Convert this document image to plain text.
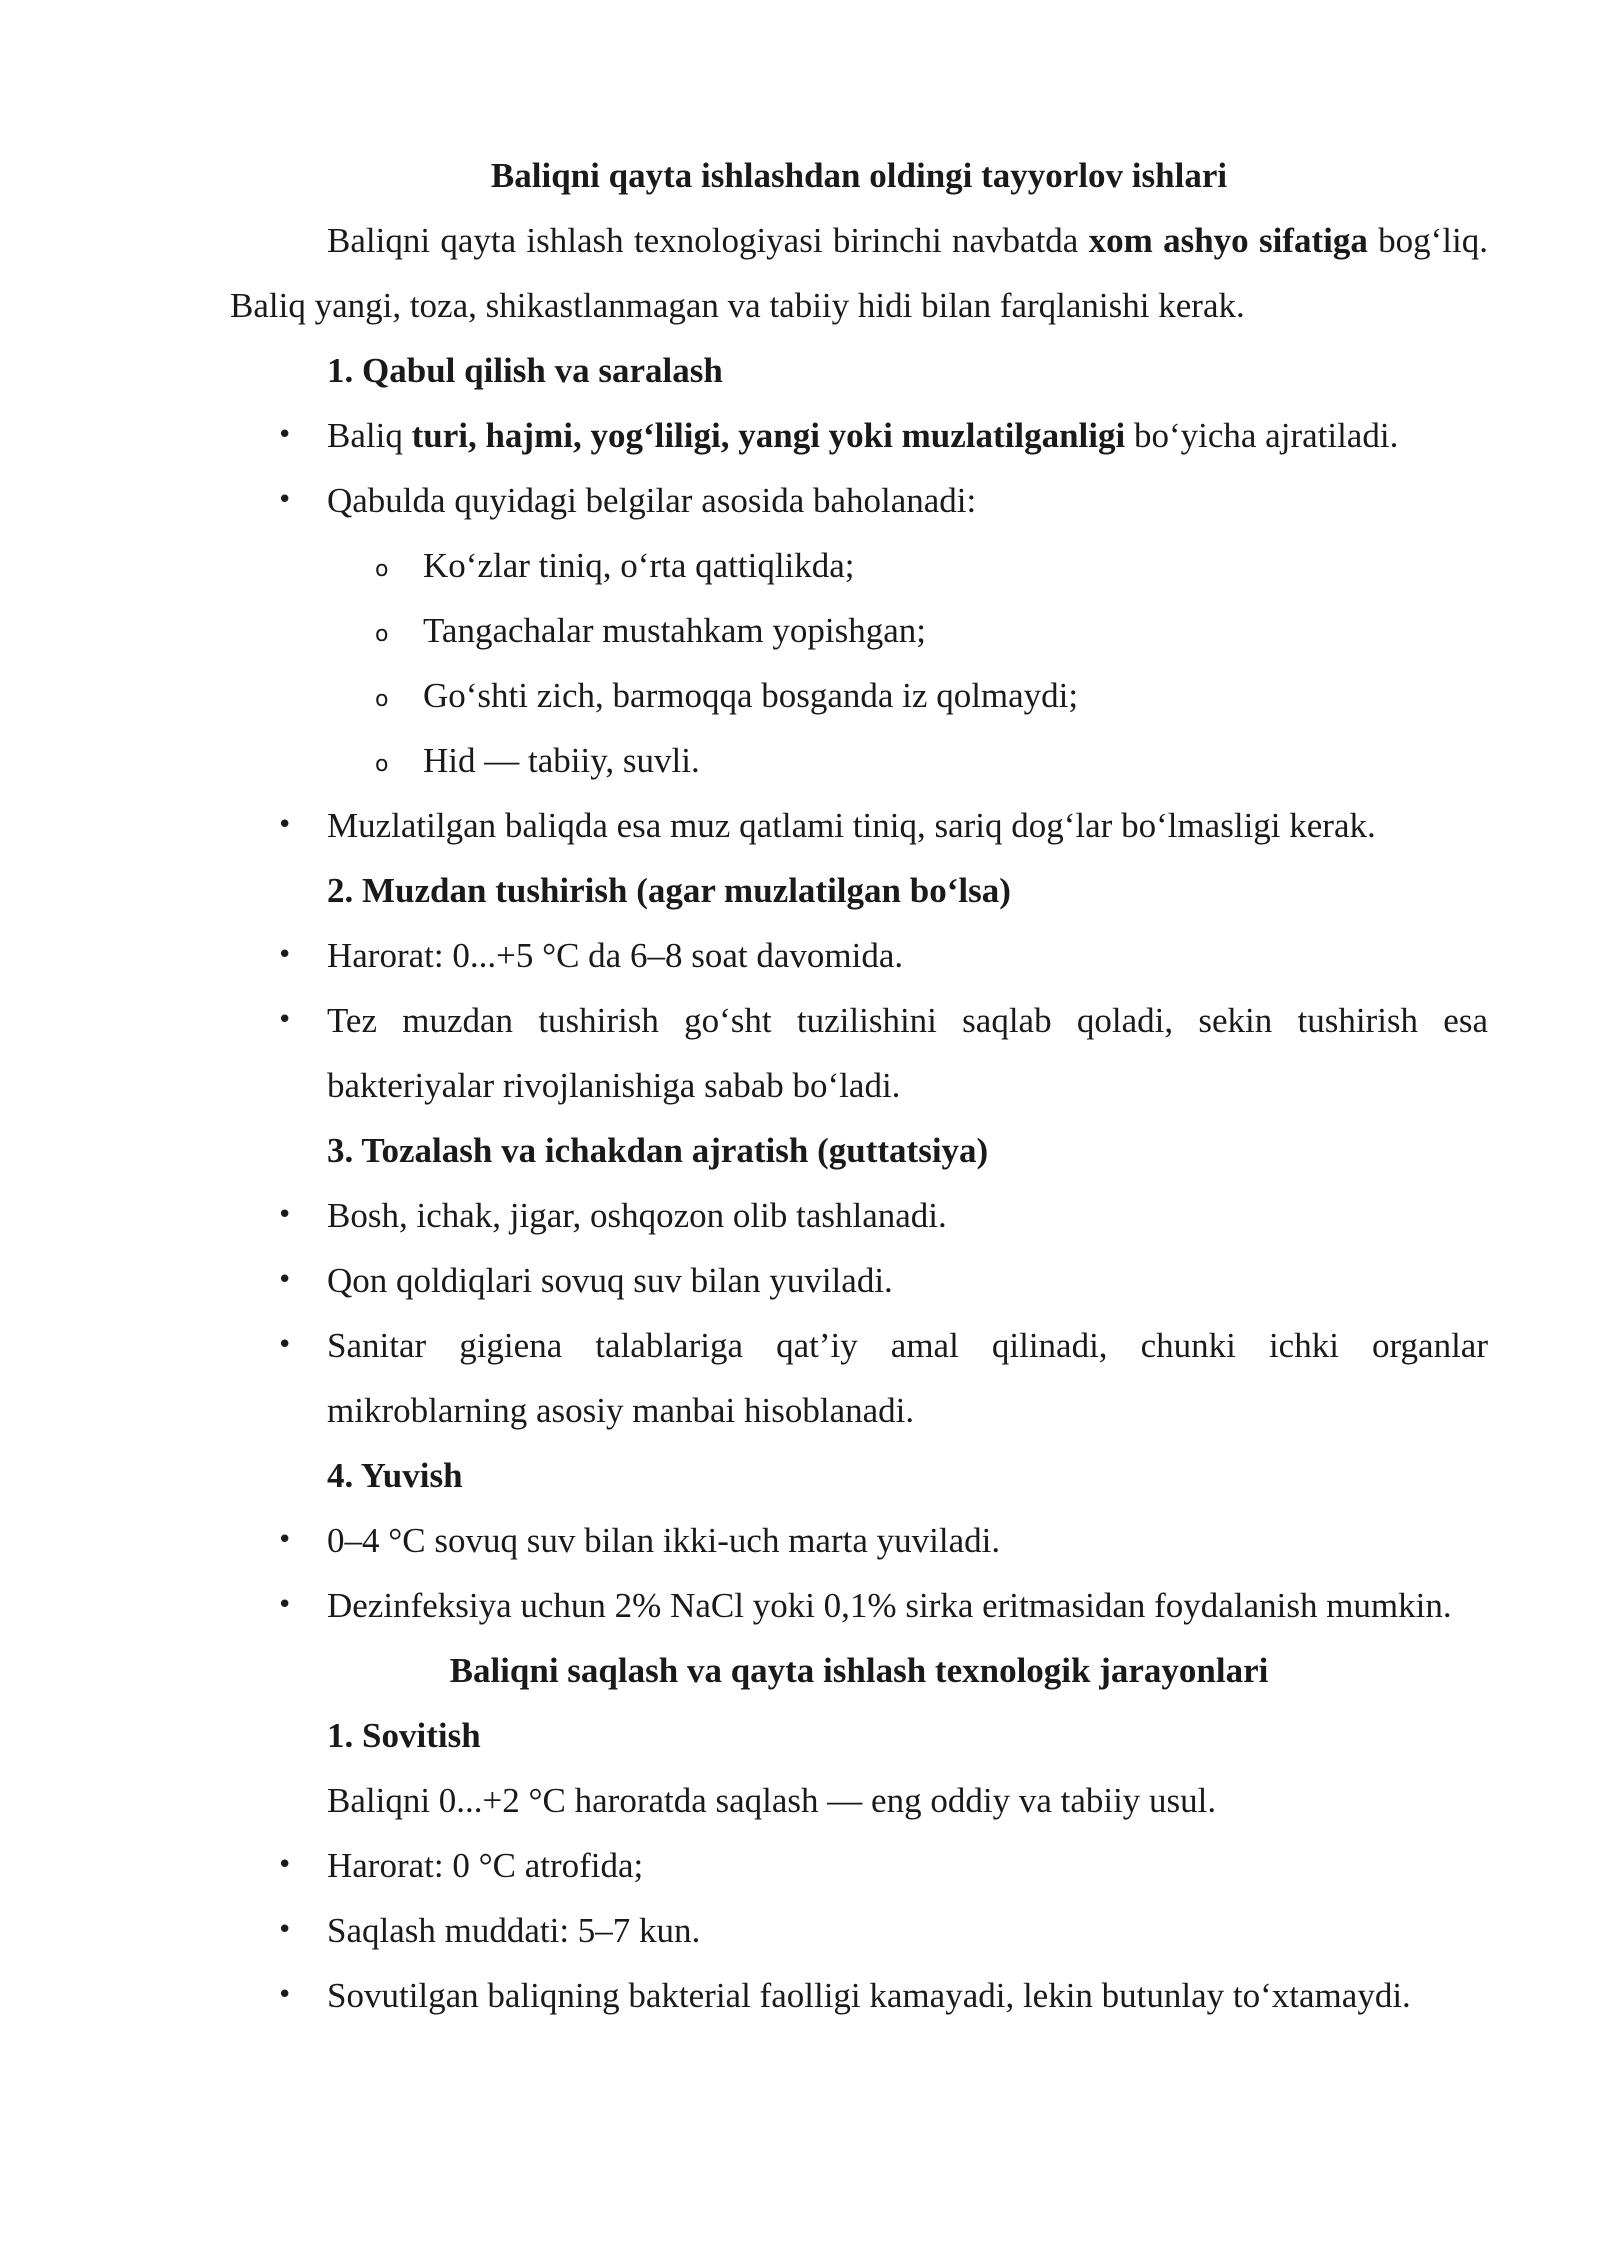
Baliqni qayta ishlashdan oldingi tayyorlov ishlari
Baliqni qayta ishlash texnologiyasi birinchi navbatda xom ashyo sifatiga bog‘liq. Baliq yangi, toza, shikastlanmagan va tabiiy hidi bilan farqlanishi kerak.
1. Qabul qilish va saralash
• Baliq turi, hajmi, yog‘liligi, yangi yoki muzlatilganligi bo‘yicha ajratiladi.
• Qabulda quyidagi belgilar asosida baholanadi:
o Ko‘zlar tiniq, o‘rta qattiqlikda;
o Tangachalar mustahkam yopishgan;
o Go‘shti zich, barmoqqa bosganda iz qolmaydi;
o Hid — tabiiy, suvli.
• Muzlatilgan baliqda esa muz qatlami tiniq, sariq dog‘lar bo‘lmasligi kerak.
2. Muzdan tushirish (agar muzlatilgan bo‘lsa)
• Harorat: 0...+5 °C da 6–8 soat davomida.
• Tez muzdan tushirish go‘sht tuzilishini saqlab qoladi, sekin tushirish esa bakteriyalar rivojlanishiga sabab bo‘ladi.
3. Tozalash va ichakdan ajratish (guttatsiya)
• Bosh, ichak, jigar, oshqozon olib tashlanadi.
• Qon qoldiqlari sovuq suv bilan yuviladi.
• Sanitar gigiena talablariga qat’iy amal qilinadi, chunki ichki organlar mikroblarning asosiy manbai hisoblanadi.
4. Yuvish
• 0–4 °C sovuq suv bilan ikki-uch marta yuviladi.
• Dezinfeksiya uchun 2% NaCl yoki 0,1% sirka eritmasidan foydalanish mumkin.
Baliqni saqlash va qayta ishlash texnologik jarayonlari
1. Sovitish
Baliqni 0...+2 °C haroratda saqlash — eng oddiy va tabiiy usul.
• Harorat: 0 °C atrofida;
• Saqlash muddati: 5–7 kun.
• Sovutilgan baliqning bakterial faolligi kamayadi, lekin butunlay to‘xtamaydi.
